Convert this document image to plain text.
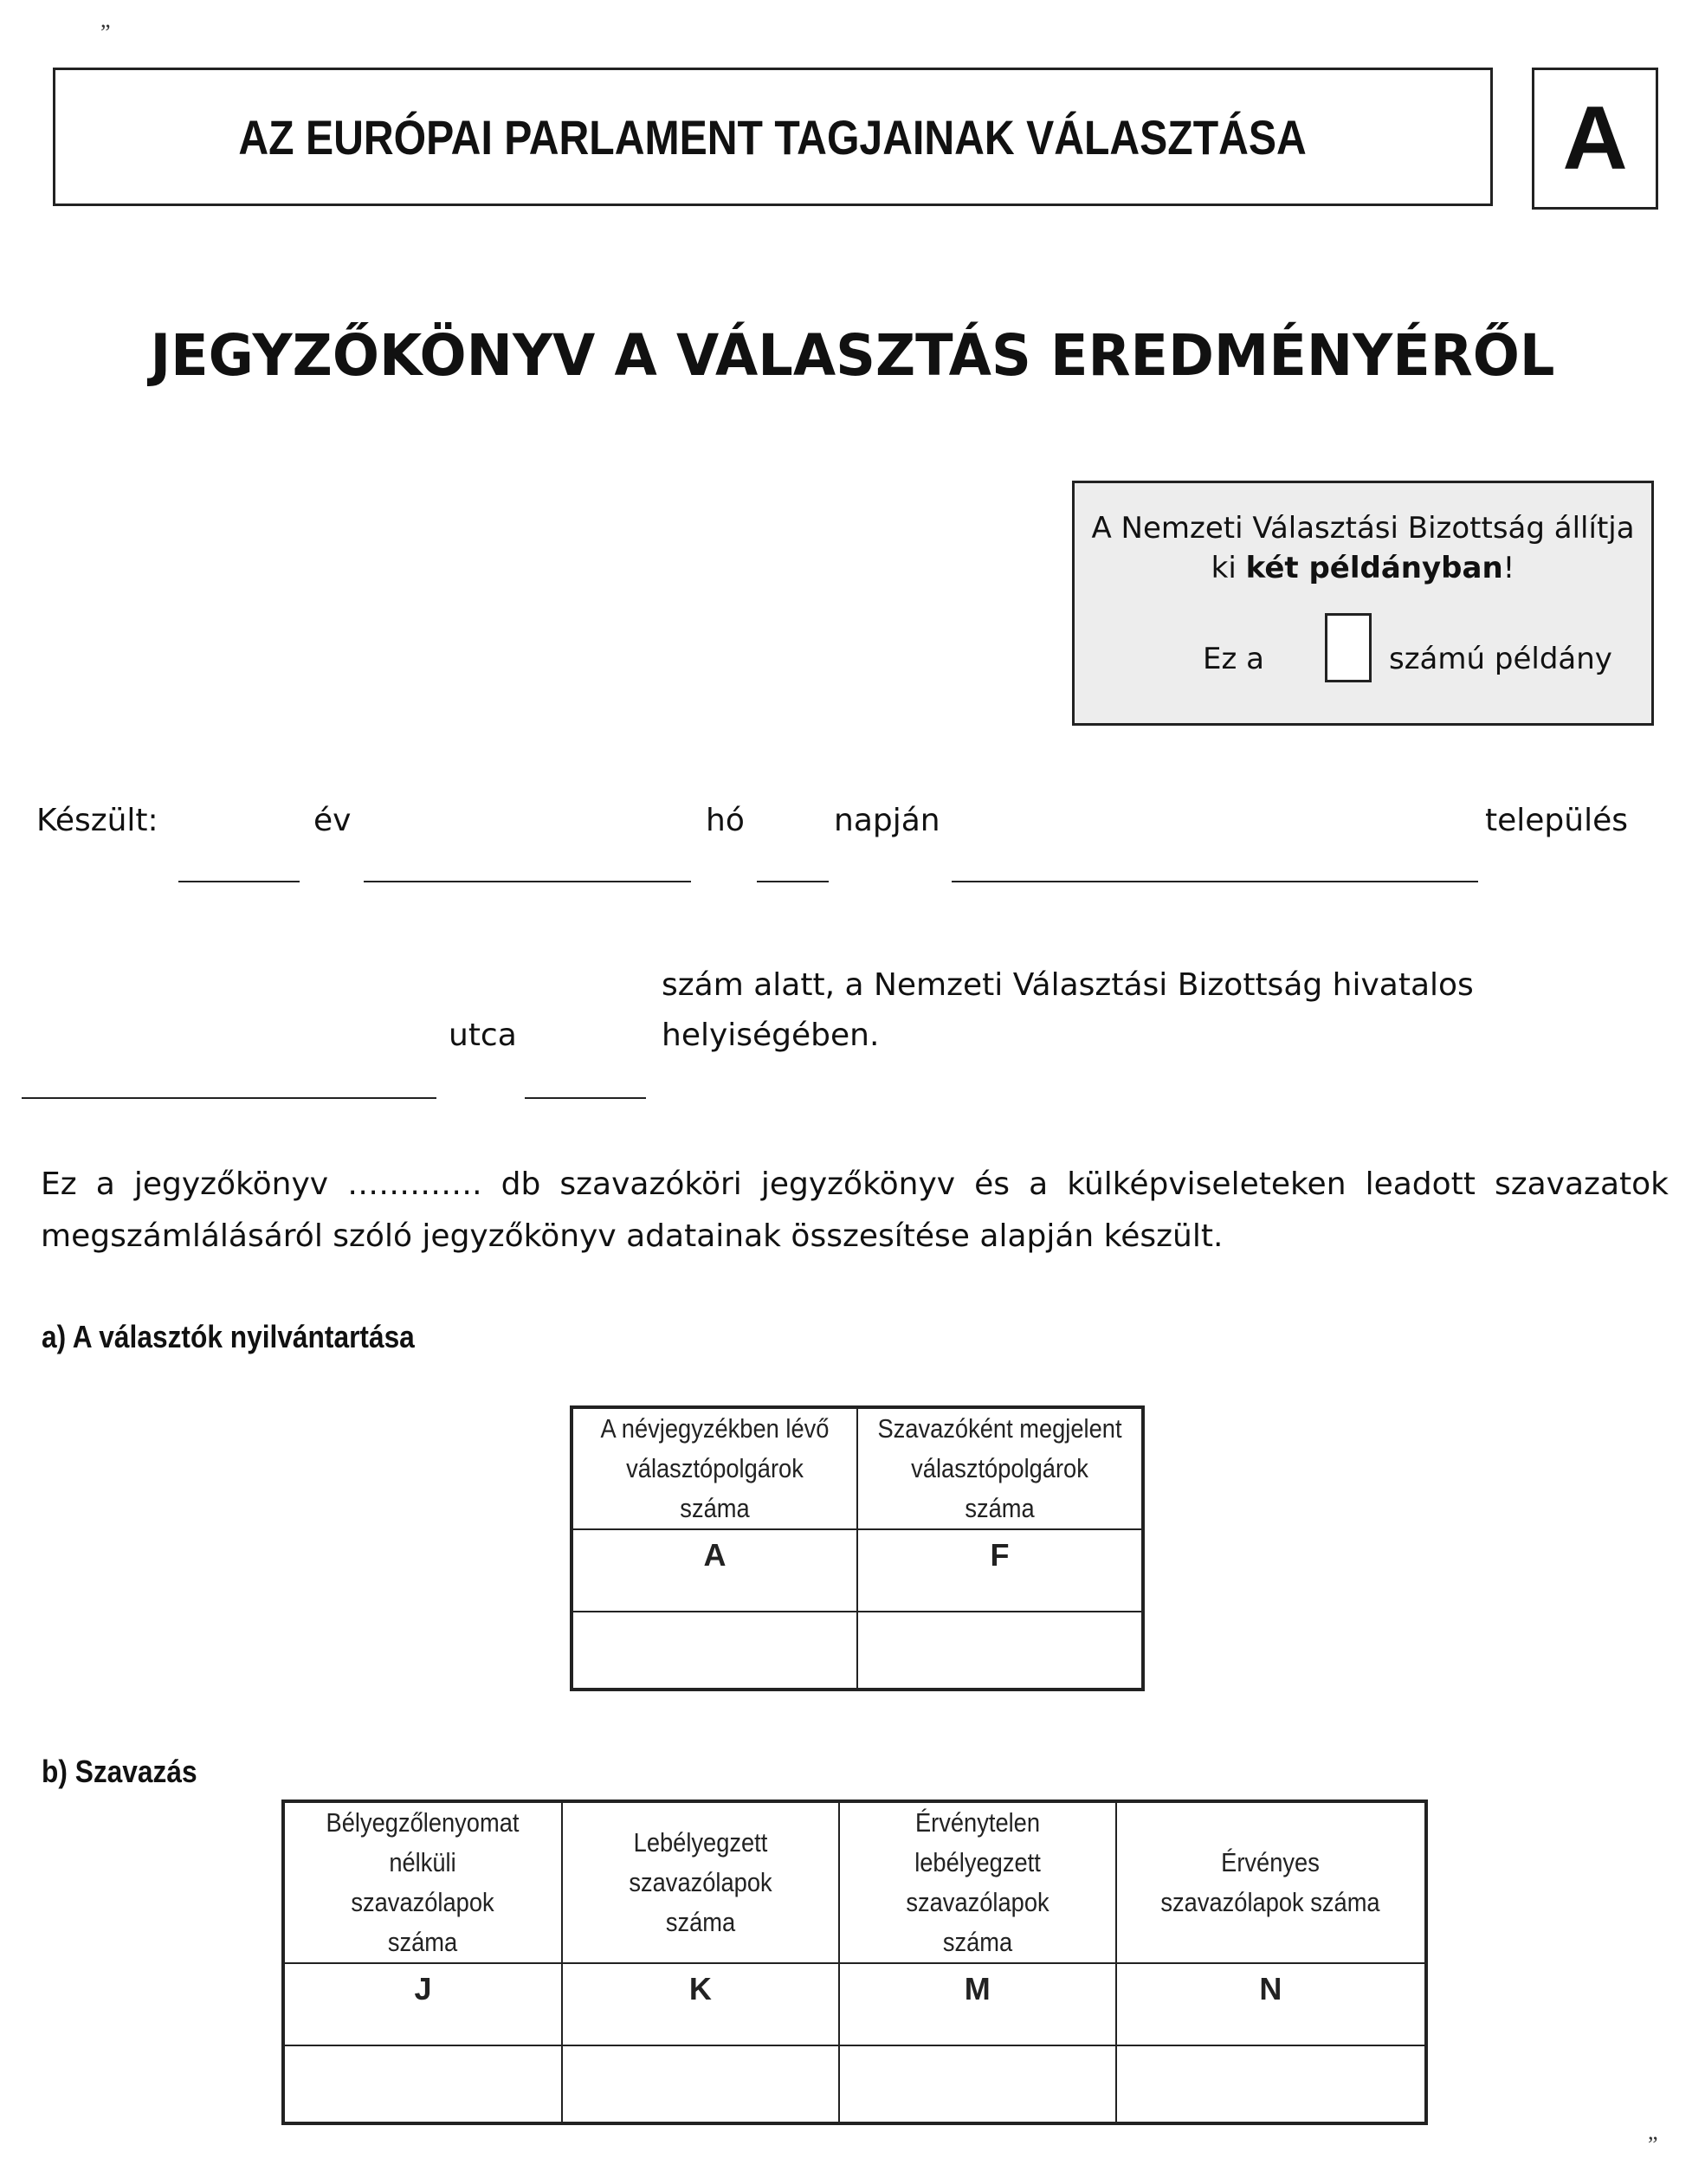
„
”
AZ EURÓPAI PARLAMENT TAGJAINAK VÁLASZTÁSA	A
JEGYZŐKÖNYV A VÁLASZTÁS EREDMÉNYÉRŐL
A Nemzeti Választási Bizottság állítja
ki két példányban!
Ez a	számú példány
Készült:	év	hó	napján	település
szám alatt, a Nemzeti Választási Bizottság hivatalos
utca	helyiségében.
Ez a jegyzőkönyv …………. db szavazóköri jegyzőkönyv és a külképviseleteken leadott szavazatok megszámlálásáról szóló jegyzőkönyv adatainak összesítése alapján készült.
a) A választók nyilvántartása
A névjegyzékben lévő választópolgárok száma	Szavazóként megjelent választópolgárok száma
A	F

b) Szavazás
Bélyegzőlenyomat nélküli szavazólapok száma	Lebélyegzett szavazólapok száma	Érvénytelen lebélyegzett szavazólapok száma	Érvényes szavazólapok száma
J	K	M	N
